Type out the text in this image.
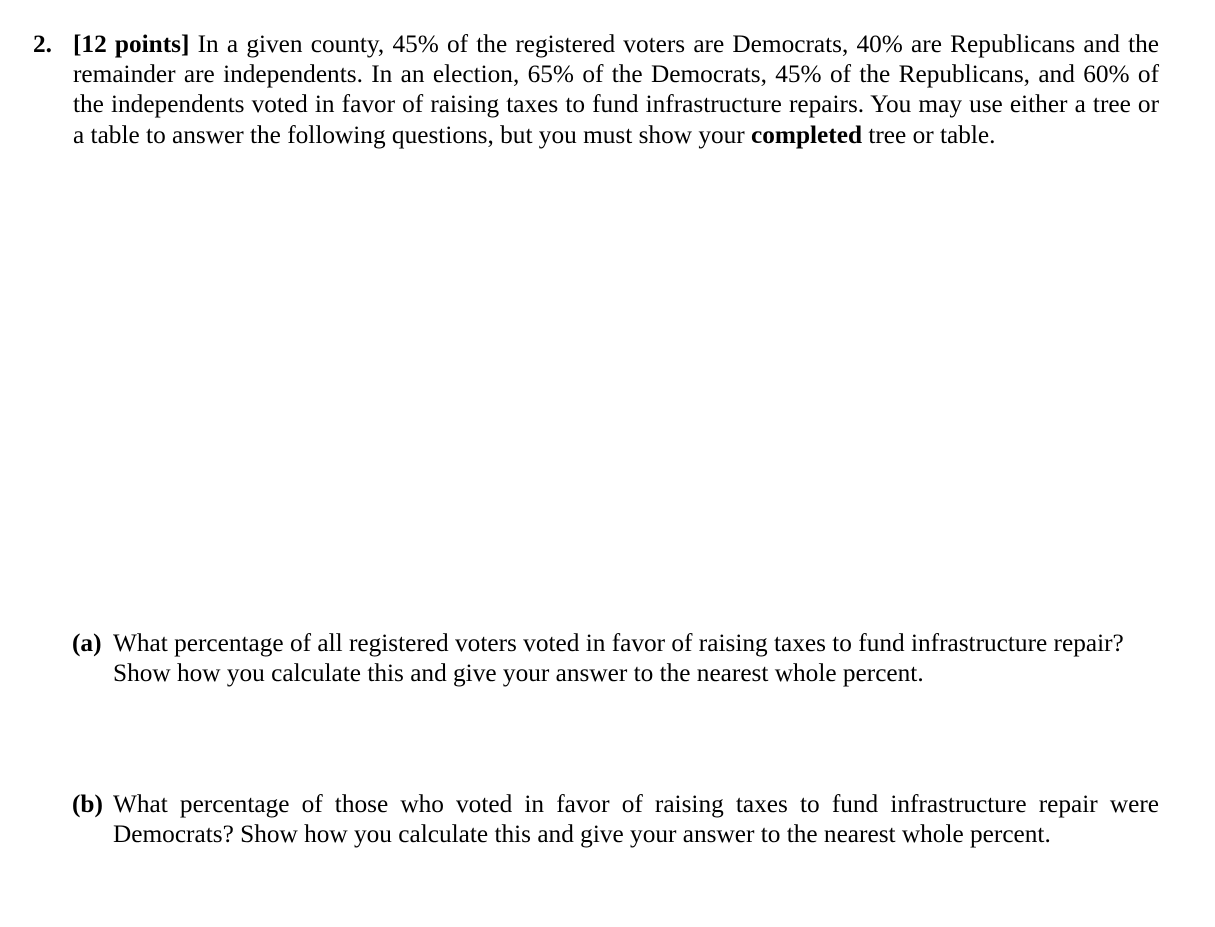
2. [12 points] In a given county, 45% of the registered voters are Democrats, 40% are Republicans and the remainder are independents. In an election, 65% of the Democrats, 45% of the Republicans, and 60% of the independents voted in favor of raising taxes to fund infrastructure repairs. You may use either a tree or a table to answer the following questions, but you must show your completed tree or table.
(a) What percentage of all registered voters voted in favor of raising taxes to fund infrastructure repair?
Show how you calculate this and give your answer to the nearest whole percent.
(b) What percentage of those who voted in favor of raising taxes to fund infrastructure repair were Democrats? Show how you calculate this and give your answer to the nearest whole percent.
